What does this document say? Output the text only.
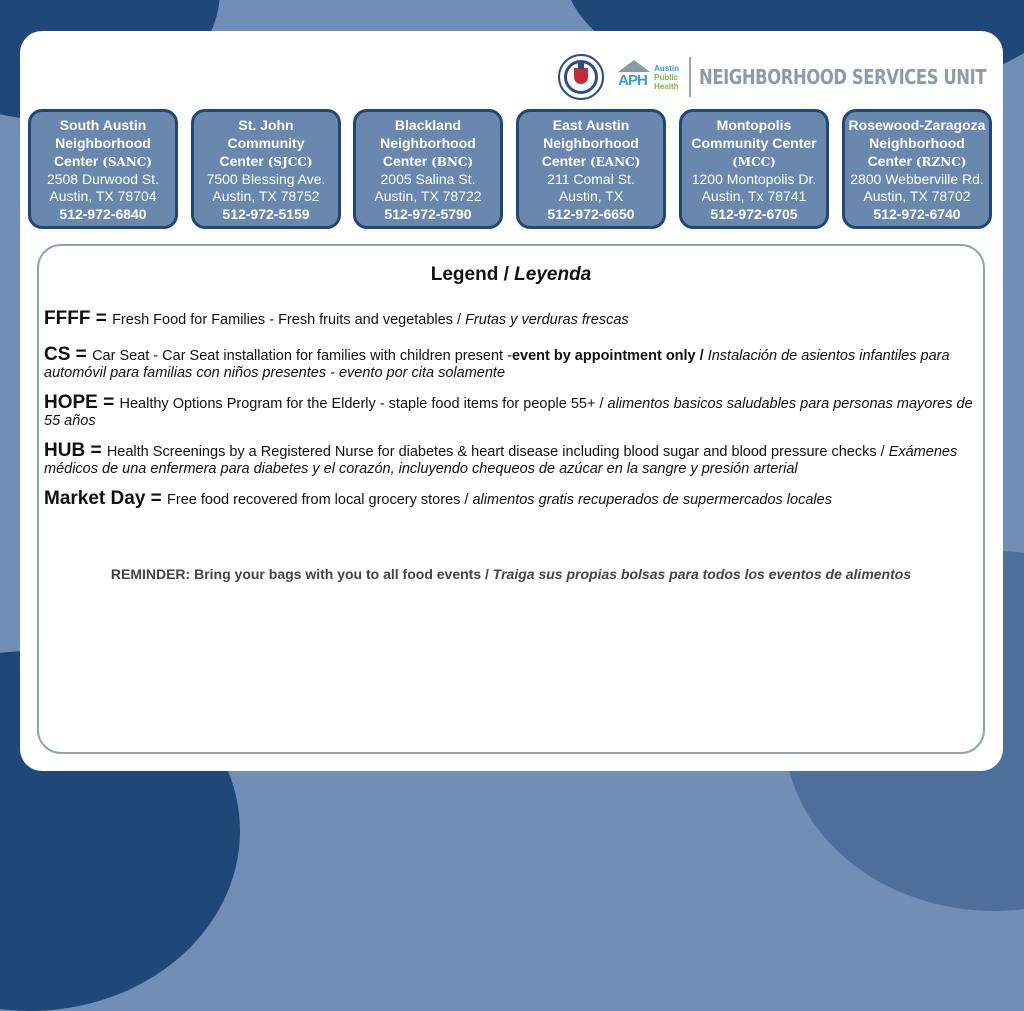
APH
Austin
Public
Health NEIGHBORHOOD SERVICES UNIT
South Austin
Neighborhood
Center (SANC)
2508 Durwood St.
Austin, TX 78704
512-972-6840
St. John
Community
Center (SJCC)
7500 Blessing Ave.
Austin, TX 78752
512-972-5159
Blackland
Neighborhood
Center (BNC)
2005 Salina St.
Austin, TX 78722
512-972-5790
East Austin
Neighborhood
Center (EANC)
211 Comal St.
Austin, TX
512-972-6650
Montopolis
Community Center
(MCC)
1200 Montopolis Dr.
Austin, Tx 78741
512-972-6705
Rosewood-Zaragoza
Neighborhood
Center (RZNC)
2800 Webberville Rd.
Austin, TX 78702
512-972-6740
Legend / Leyenda
FFFF = Fresh Food for Families - Fresh fruits and vegetables / Frutas y verduras frescas
CS = Car Seat - Car Seat installation for families with children present -event by appointment only / Instalación de asientos infantiles para automóvil para familias con niños presentes - evento por cita solamente
HOPE = Healthy Options Program for the Elderly - staple food items for people 55+ / alimentos basicos saludables para personas mayores de 55 años
HUB = Health Screenings by a Registered Nurse for diabetes & heart disease including blood sugar and blood pressure checks / Exámenes médicos de una enfermera para diabetes y el corazón, incluyendo chequeos de azúcar en la sangre y presión arterial
Market Day = Free food recovered from local grocery stores / alimentos gratis recuperados de supermercados locales
REMINDER: Bring your bags with you to all food events / Traiga sus propias bolsas para todos los eventos de alimentos
